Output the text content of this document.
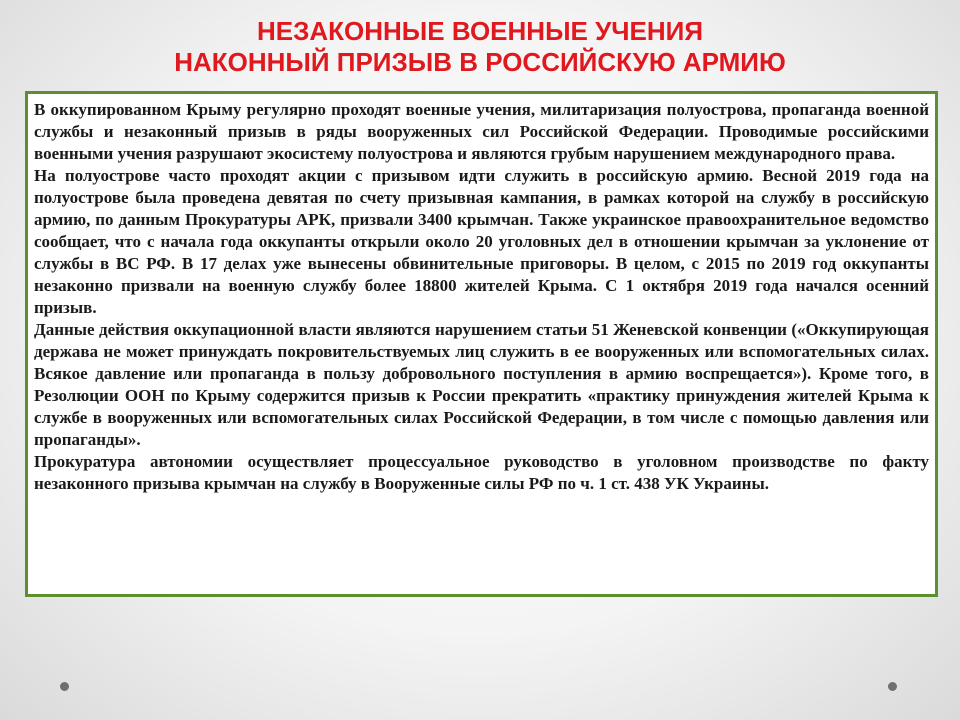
НЕЗАКОННЫЕ ВОЕННЫЕ УЧЕНИЯ
НАКОННЫЙ ПРИЗЫВ В РОССИЙСКУЮ АРМИЮ

В оккупированном Крыму регулярно проходят военные учения, милитаризация полуострова, пропаганда военной службы и незаконный призыв в ряды вооруженных сил Российской Федерации. Проводимые российскими военными учения разрушают экосистему полуострова и являются грубым нарушением международного права.

На полуострове часто проходят акции с призывом идти служить в российскую армию. Весной 2019 года на полуострове была проведена девятая по счету призывная кампания, в рамках которой на службу в российскую армию, по данным Прокуратуры АРК, призвали 3400 крымчан. Также украинское правоохранительное ведомство сообщает, что с начала года оккупанты открыли около 20 уголовных дел в отношении крымчан за уклонение от службы в ВС РФ. В 17 делах уже вынесены обвинительные приговоры. В целом, с 2015 по 2019 год оккупанты незаконно призвали на военную службу более 18800 жителей Крыма. С 1 октября 2019 года начался осенний призыв.

Данные действия оккупационной власти являются нарушением статьи 51 Женевской конвенции («Оккупирующая держава не может принуждать покровительствуемых лиц служить в ее вооруженных или вспомогательных силах. Всякое давление или пропаганда в пользу добровольного поступления в армию воспрещается»). Кроме того, в Резолюции ООН по Крыму содержится призыв к России прекратить «практику принуждения жителей Крыма к службе в вооруженных или вспомогательных силах Российской Федерации, в том числе с помощью давления или пропаганды».

Прокуратура автономии осуществляет процессуальное руководство в уголовном производстве по факту незаконного призыва крымчан на службу в Вооруженные силы РФ по ч. 1 ст. 438 УК Украины.
